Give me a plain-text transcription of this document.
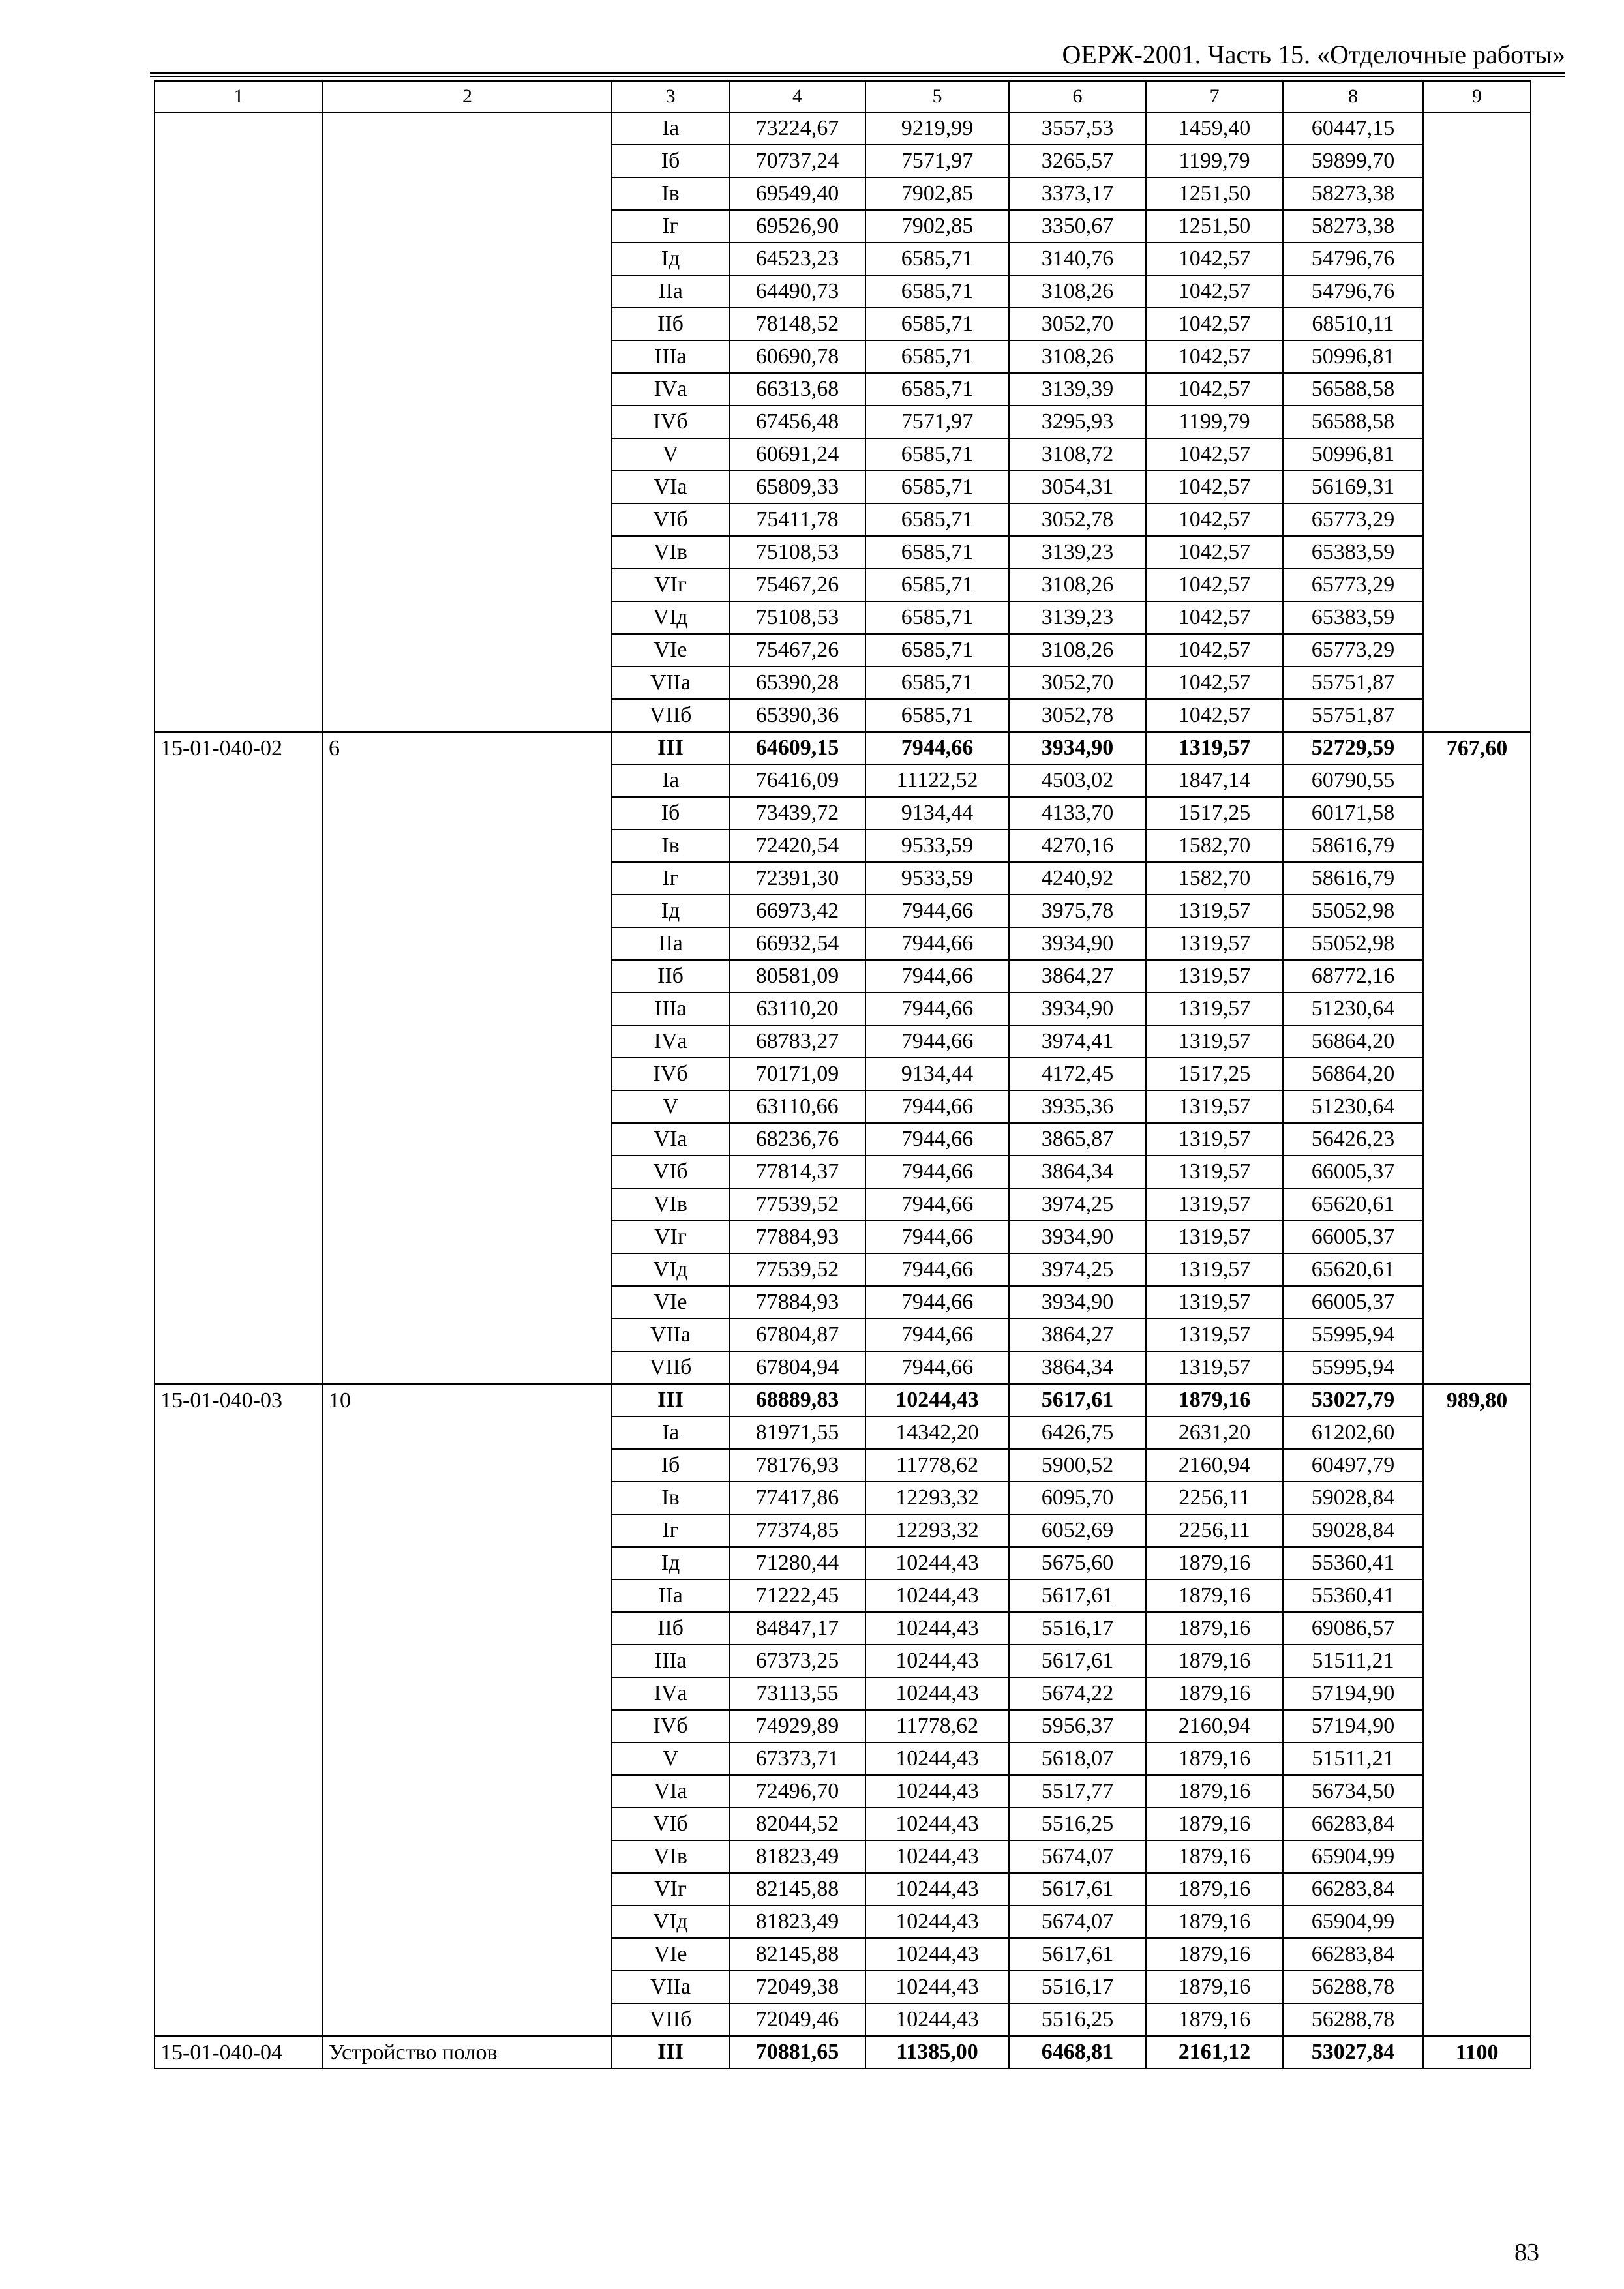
ОЕРЖ-2001. Часть 15. «Отделочные работы»
1	2	3	4	5	6	7	8	9
		Iа	73224,67	9219,99	3557,53	1459,40	60447,15	
		Iб	70737,24	7571,97	3265,57	1199,79	59899,70	
		Iв	69549,40	7902,85	3373,17	1251,50	58273,38	
		Iг	69526,90	7902,85	3350,67	1251,50	58273,38	
		Iд	64523,23	6585,71	3140,76	1042,57	54796,76	
		IIа	64490,73	6585,71	3108,26	1042,57	54796,76	
		IIб	78148,52	6585,71	3052,70	1042,57	68510,11	
		IIIа	60690,78	6585,71	3108,26	1042,57	50996,81	
		IVа	66313,68	6585,71	3139,39	1042,57	56588,58	
		IVб	67456,48	7571,97	3295,93	1199,79	56588,58	
		V	60691,24	6585,71	3108,72	1042,57	50996,81	
		VIа	65809,33	6585,71	3054,31	1042,57	56169,31	
		VIб	75411,78	6585,71	3052,78	1042,57	65773,29	
		VIв	75108,53	6585,71	3139,23	1042,57	65383,59	
		VIг	75467,26	6585,71	3108,26	1042,57	65773,29	
		VIд	75108,53	6585,71	3139,23	1042,57	65383,59	
		VIе	75467,26	6585,71	3108,26	1042,57	65773,29	
		VIIа	65390,28	6585,71	3052,70	1042,57	55751,87	
		VIIб	65390,36	6585,71	3052,78	1042,57	55751,87	
15-01-040-02	6	III	64609,15	7944,66	3934,90	1319,57	52729,59	767,60
		Iа	76416,09	11122,52	4503,02	1847,14	60790,55	
		Iб	73439,72	9134,44	4133,70	1517,25	60171,58	
		Iв	72420,54	9533,59	4270,16	1582,70	58616,79	
		Iг	72391,30	9533,59	4240,92	1582,70	58616,79	
		Iд	66973,42	7944,66	3975,78	1319,57	55052,98	
		IIа	66932,54	7944,66	3934,90	1319,57	55052,98	
		IIб	80581,09	7944,66	3864,27	1319,57	68772,16	
		IIIа	63110,20	7944,66	3934,90	1319,57	51230,64	
		IVа	68783,27	7944,66	3974,41	1319,57	56864,20	
		IVб	70171,09	9134,44	4172,45	1517,25	56864,20	
		V	63110,66	7944,66	3935,36	1319,57	51230,64	
		VIа	68236,76	7944,66	3865,87	1319,57	56426,23	
		VIб	77814,37	7944,66	3864,34	1319,57	66005,37	
		VIв	77539,52	7944,66	3974,25	1319,57	65620,61	
		VIг	77884,93	7944,66	3934,90	1319,57	66005,37	
		VIд	77539,52	7944,66	3974,25	1319,57	65620,61	
		VIе	77884,93	7944,66	3934,90	1319,57	66005,37	
		VIIа	67804,87	7944,66	3864,27	1319,57	55995,94	
		VIIб	67804,94	7944,66	3864,34	1319,57	55995,94	
15-01-040-03	10	III	68889,83	10244,43	5617,61	1879,16	53027,79	989,80
		Iа	81971,55	14342,20	6426,75	2631,20	61202,60	
		Iб	78176,93	11778,62	5900,52	2160,94	60497,79	
		Iв	77417,86	12293,32	6095,70	2256,11	59028,84	
		Iг	77374,85	12293,32	6052,69	2256,11	59028,84	
		Iд	71280,44	10244,43	5675,60	1879,16	55360,41	
		IIа	71222,45	10244,43	5617,61	1879,16	55360,41	
		IIб	84847,17	10244,43	5516,17	1879,16	69086,57	
		IIIа	67373,25	10244,43	5617,61	1879,16	51511,21	
		IVа	73113,55	10244,43	5674,22	1879,16	57194,90	
		IVб	74929,89	11778,62	5956,37	2160,94	57194,90	
		V	67373,71	10244,43	5618,07	1879,16	51511,21	
		VIа	72496,70	10244,43	5517,77	1879,16	56734,50	
		VIб	82044,52	10244,43	5516,25	1879,16	66283,84	
		VIв	81823,49	10244,43	5674,07	1879,16	65904,99	
		VIг	82145,88	10244,43	5617,61	1879,16	66283,84	
		VIд	81823,49	10244,43	5674,07	1879,16	65904,99	
		VIе	82145,88	10244,43	5617,61	1879,16	66283,84	
		VIIа	72049,38	10244,43	5516,17	1879,16	56288,78	
		VIIб	72049,46	10244,43	5516,25	1879,16	56288,78	
15-01-040-04	Устройство полов	III	70881,65	11385,00	6468,81	2161,12	53027,84	1100
83
